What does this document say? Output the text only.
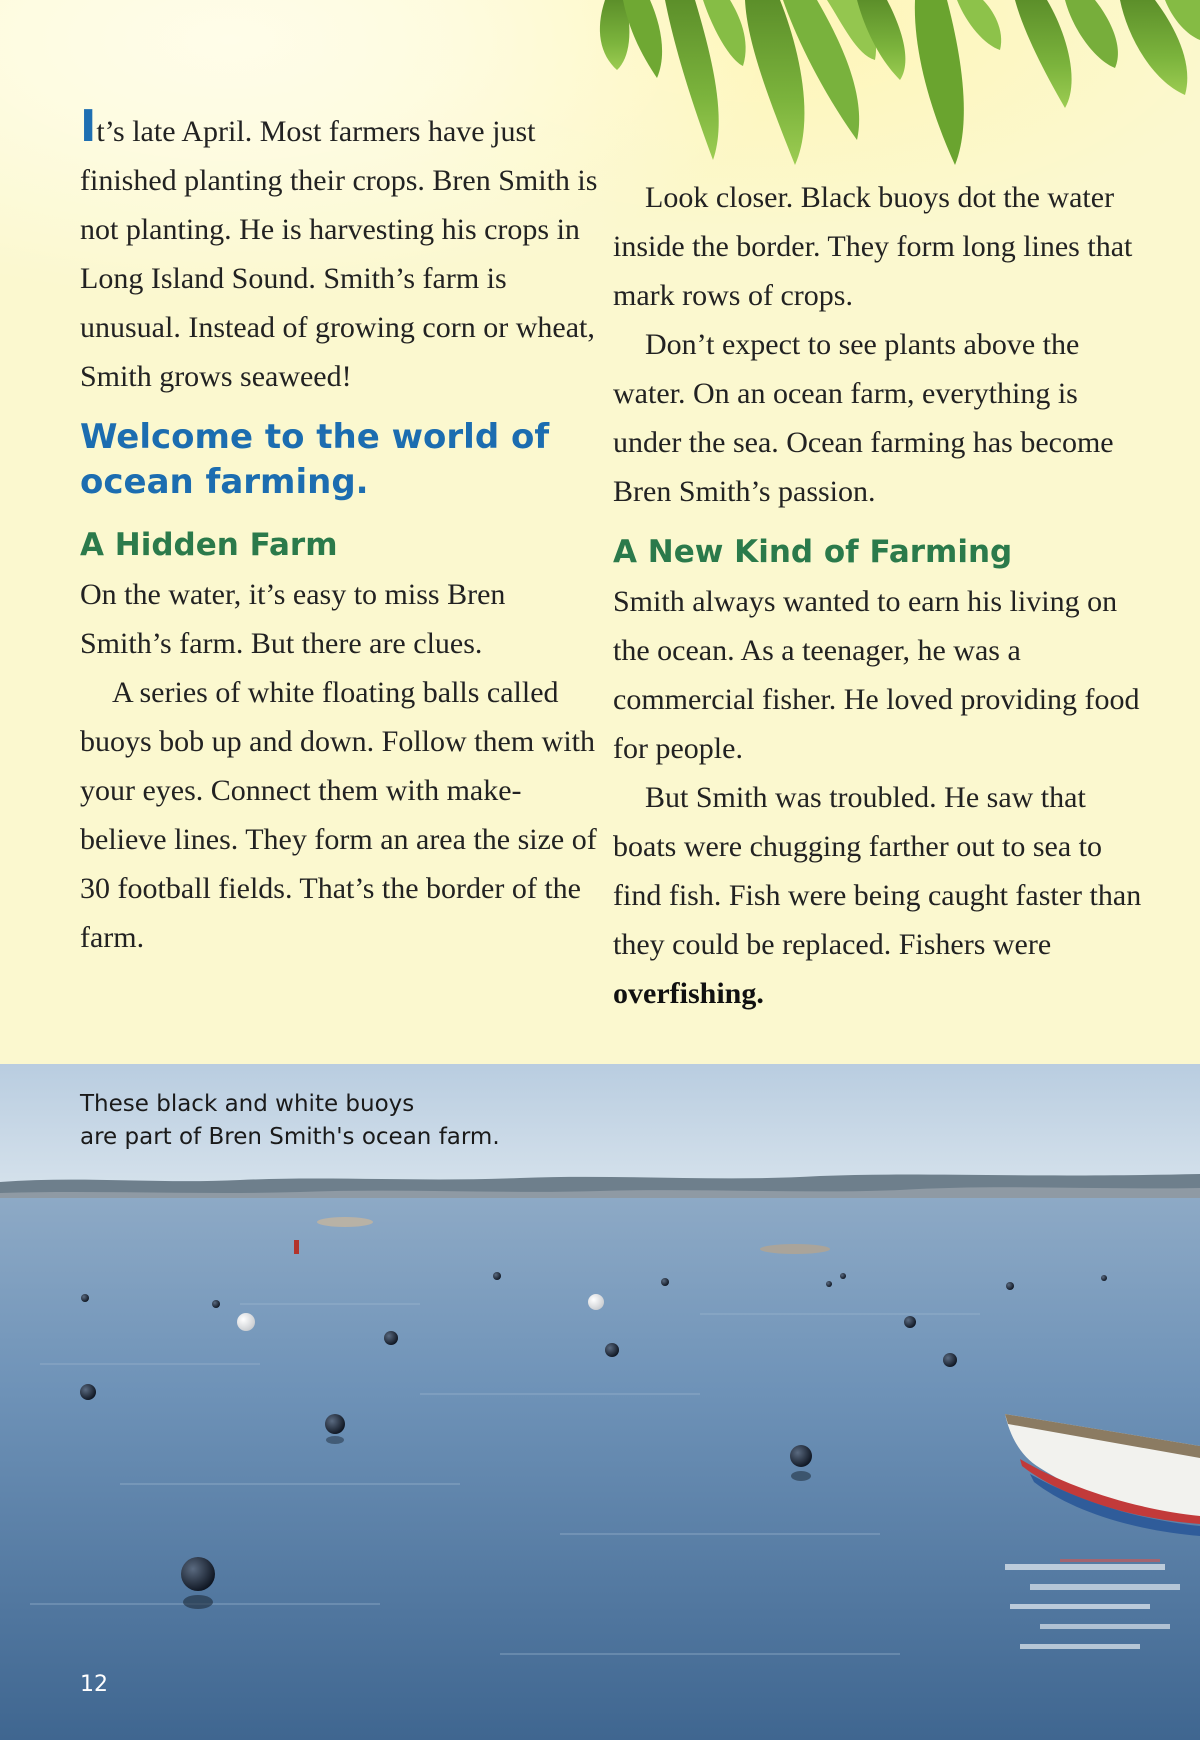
It’s late April. Most farmers have just finished planting their crops. Bren Smith is not planting. He is harvesting his crops in Long Island Sound. Smith’s farm is unusual. Instead of growing corn or wheat, Smith grows seaweed!

Welcome to the world of ocean farming.
A Hidden Farm

On the water, it’s easy to miss Bren Smith’s farm. But there are clues.

A series of white floating balls called buoys bob up and down. Follow them with your eyes. Connect them with make-believe lines. They form an area the size of 30 football fields. That’s the border of the farm.

Look closer. Black buoys dot the water inside the border. They form long lines that mark rows of crops.

Don’t expect to see plants above the water. On an ocean farm, everything is under the sea. Ocean farming has become Bren Smith’s passion.

A New Kind of Farming

Smith always wanted to earn his living on the ocean. As a teenager, he was a commercial fisher. He loved providing food for people.

But Smith was troubled. He saw that boats were chugging farther out to sea to find fish. Fish were being caught faster than they could be replaced. Fishers were overfishing.

These black and white buoys
are part of Bren Smith's ocean farm.
12
